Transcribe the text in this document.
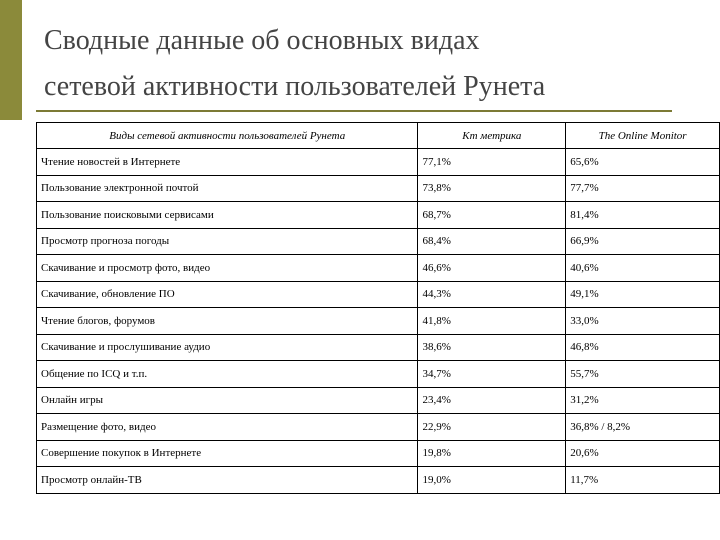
Сводные данные об основных видах
сетевой активности пользователей Рунета
Виды сетевой активности пользователей Рунета	Km метрика	The Online Monitor
Чтение новостей в Интернете	77,1%	65,6%
Пользование электронной почтой	73,8%	77,7%
Пользование поисковыми сервисами	68,7%	81,4%
Просмотр прогноза погоды	68,4%	66,9%
Скачивание и просмотр фото, видео	46,6%	40,6%
Скачивание, обновление ПО	44,3%	49,1%
Чтение блогов, форумов	41,8%	33,0%
Скачивание и прослушивание аудио	38,6%	46,8%
Общение по ICQ и т.п.	34,7%	55,7%
Онлайн игры	23,4%	31,2%
Размещение фото, видео	22,9%	36,8% / 8,2%
Совершение покупок в Интернете	19,8%	20,6%
Просмотр онлайн-ТВ	19,0%	11,7%
